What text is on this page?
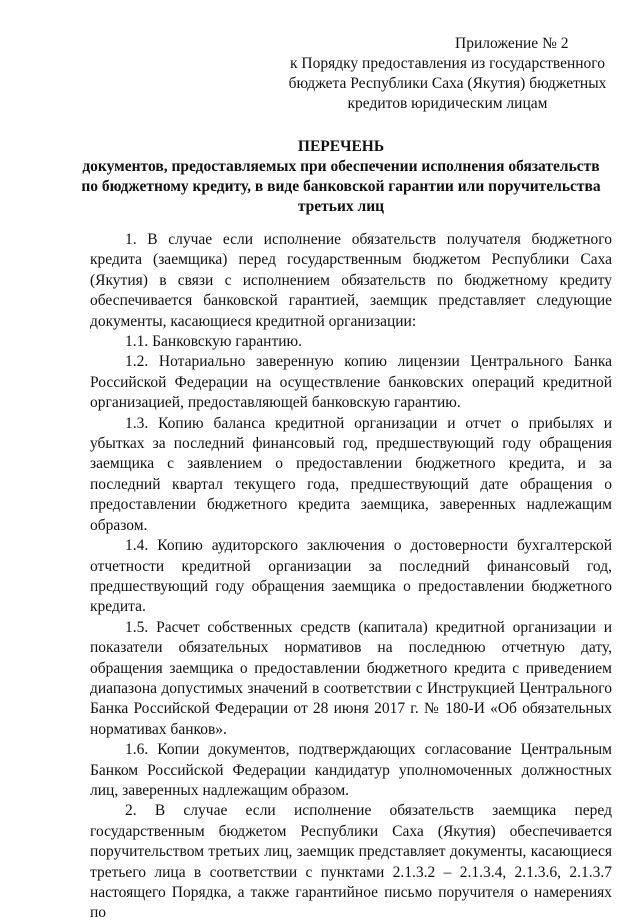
Приложение № 2
к Порядку предоставления из государственного
бюджета Республики Саха (Якутия) бюджетных
кредитов юридическим лицам
ПЕРЕЧЕНЬ
документов, предоставляемых при обеспечении исполнения обязательств
по бюджетному кредиту, в виде банковской гарантии или поручительства
третьих лиц

1. В случае если исполнение обязательств получателя бюджетного кредита (заемщика) перед государственным бюджетом Республики Саха (Якутия) в связи с исполнением обязательств по бюджетному кредиту обеспечивается банковской гарантией, заемщик представляет следующие документы, касающиеся кредитной организации:

1.1. Банковскую гарантию.

1.2. Нотариально заверенную копию лицензии Центрального Банка Российской Федерации на осуществление банковских операций кредитной организацией, предоставляющей банковскую гарантию.

1.3. Копию баланса кредитной организации и отчет о прибылях и убытках за последний финансовый год, предшествующий году обращения заемщика с заявлением о предоставлении бюджетного кредита, и за последний квартал текущего года, предшествующий дате обращения о предоставлении бюджетного кредита заемщика, заверенных надлежащим образом.

1.4. Копию аудиторского заключения о достоверности бухгалтерской отчетности кредитной организации за последний финансовый год, предшествующий году обращения заемщика о предоставлении бюджетного кредита.

1.5. Расчет собственных средств (капитала) кредитной организации и показатели обязательных нормативов на последнюю отчетную дату, обращения заемщика о предоставлении бюджетного кредита с приведением диапазона допустимых значений в соответствии с Инструкцией Центрального Банка Российской Федерации от 28 июня 2017 г. № 180-И «Об обязательных нормативах банков».

1.6. Копии документов, подтверждающих согласование Центральным Банком Российской Федерации кандидатур уполномоченных должностных лиц, заверенных надлежащим образом.

2. В случае если исполнение обязательств заемщика перед государственным бюджетом Республики Саха (Якутия) обеспечивается поручительством третьих лиц, заемщик представляет документы, касающиеся третьего лица в соответствии с пунктами 2.1.3.2 – 2.1.3.4, 2.1.3.6, 2.1.3.7 настоящего Порядка, а также гарантийное письмо поручителя о намерениях по
